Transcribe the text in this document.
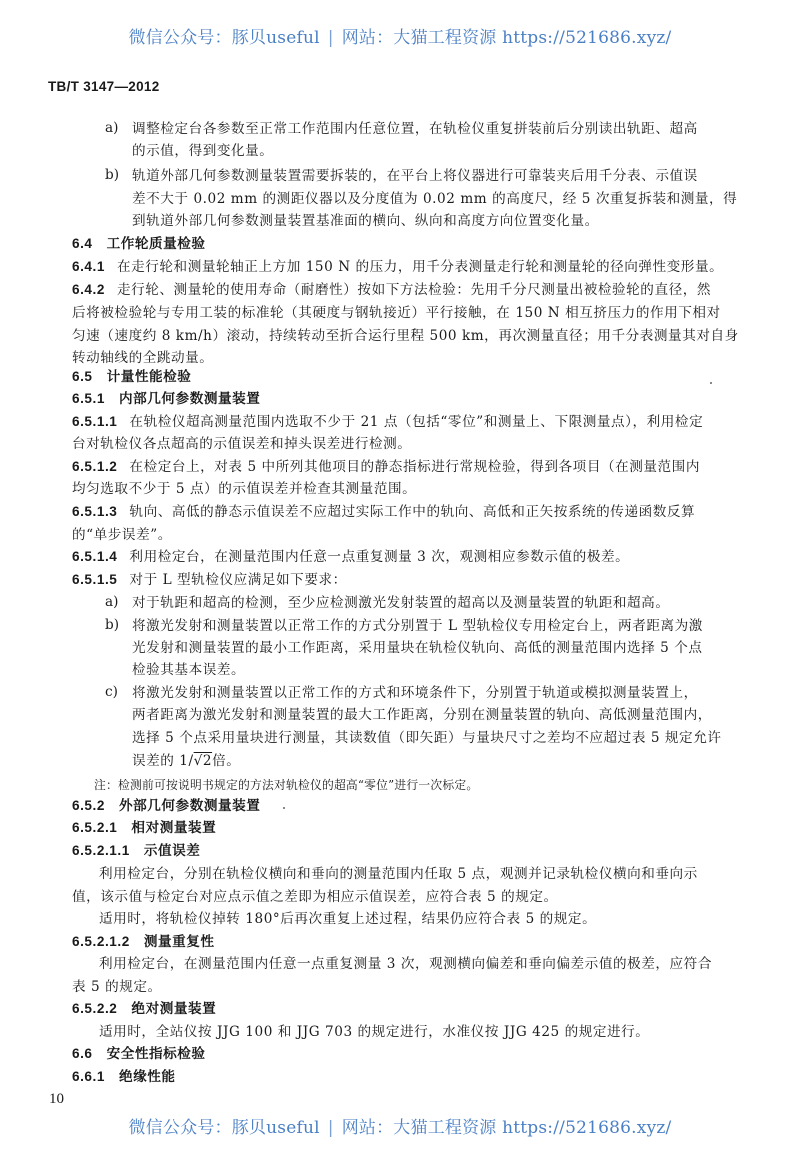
微信公众号：豚贝useful | 网站：大猫工程资源 https://521686.xyz/
TB/T 3147—2012
a) 调整检定台各参数至正常工作范围内任意位置，在轨检仪重复拼装前后分别读出轨距、超高
的示值，得到变化量。
b) 轨道外部几何参数测量装置需要拆装的，在平台上将仪器进行可靠装夹后用千分表、示值误
差不大于 0.02 mm 的测距仪器以及分度值为 0.02 mm 的高度尺，经 5 次重复拆装和测量，得
到轨道外部几何参数测量装置基准面的横向、纵向和高度方向位置变化量。
6.4 工作轮质量检验
6.4.1 在走行轮和测量轮轴正上方加 150 N 的压力，用千分表测量走行轮和测量轮的径向弹性变形量。
6.4.2 走行轮、测量轮的使用寿命（耐磨性）按如下方法检验：先用千分尺测量出被检验轮的直径，然
后将被检验轮与专用工装的标准轮（其硬度与钢轨接近）平行接触，在 150 N 相互挤压力的作用下相对
匀速（速度约 8 km/h）滚动，持续转动至折合运行里程 500 km，再次测量直径；用千分表测量其对自身
转动轴线的全跳动量。
6.5 计量性能检验
6.5.1 内部几何参数测量装置
6.5.1.1 在轨检仪超高测量范围内选取不少于 21 点（包括“零位”和测量上、下限测量点），利用检定
台对轨检仪各点超高的示值误差和掉头误差进行检测。
6.5.1.2 在检定台上，对表 5 中所列其他项目的静态指标进行常规检验，得到各项目（在测量范围内
均匀选取不少于 5 点）的示值误差并检查其测量范围。
6.5.1.3 轨向、高低的静态示值误差不应超过实际工作中的轨向、高低和正矢按系统的传递函数反算
的“单步误差”。
6.5.1.4 利用检定台，在测量范围内任意一点重复测量 3 次，观测相应参数示值的极差。
6.5.1.5 对于 L 型轨检仪应满足如下要求：
a) 对于轨距和超高的检测，至少应检测激光发射装置的超高以及测量装置的轨距和超高。
b) 将激光发射和测量装置以正常工作的方式分别置于 L 型轨检仪专用检定台上，两者距离为激
光发射和测量装置的最小工作距离，采用量块在轨检仪轨向、高低的测量范围内选择 5 个点
检验其基本误差。
c) 将激光发射和测量装置以正常工作的方式和环境条件下，分别置于轨道或模拟测量装置上，
两者距离为激光发射和测量装置的最大工作距离，分别在测量装置的轨向、高低测量范围内，
选择 5 个点采用量块进行测量，其读数值（即矢距）与量块尺寸之差均不应超过表 5 规定允许
误差的 1/√2倍。
注：检测前可按说明书规定的方法对轨检仪的超高“零位”进行一次标定。
6.5.2 外部几何参数测量装置
6.5.2.1 相对测量装置
6.5.2.1.1 示值误差
利用检定台，分别在轨检仪横向和垂向的测量范围内任取 5 点，观测并记录轨检仪横向和垂向示
值，该示值与检定台对应点示值之差即为相应示值误差，应符合表 5 的规定。
适用时，将轨检仪掉转 180°后再次重复上述过程，结果仍应符合表 5 的规定。
6.5.2.1.2 测量重复性
利用检定台，在测量范围内任意一点重复测量 3 次，观测横向偏差和垂向偏差示值的极差，应符合
表 5 的规定。
6.5.2.2 绝对测量装置
适用时，全站仪按 JJG 100 和 JJG 703 的规定进行，水准仪按 JJG 425 的规定进行。
6.6 安全性指标检验
6.6.1 绝缘性能
10
微信公众号：豚贝useful | 网站：大猫工程资源 https://521686.xyz/
